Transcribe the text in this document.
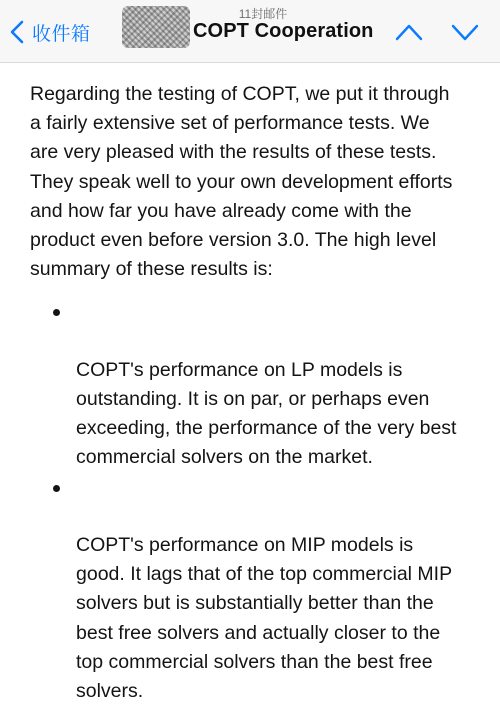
收件箱
11封邮件
COPT Cooperation

Regarding the testing of COPT, we put it through
a fairly extensive set of performance tests. We
are very pleased with the results of these tests.
They speak well to your own development efforts
and how far you have already come with the
product even before version 3.0. The high level
summary of these results is:

COPT's performance on LP models is
outstanding. It is on par, or perhaps even
exceeding, the performance of the very best
commercial solvers on the market.

COPT's performance on MIP models is
good. It lags that of the top commercial MIP
solvers but is substantially better than the
best free solvers and actually closer to the
top commercial solvers than the best free
solvers.
